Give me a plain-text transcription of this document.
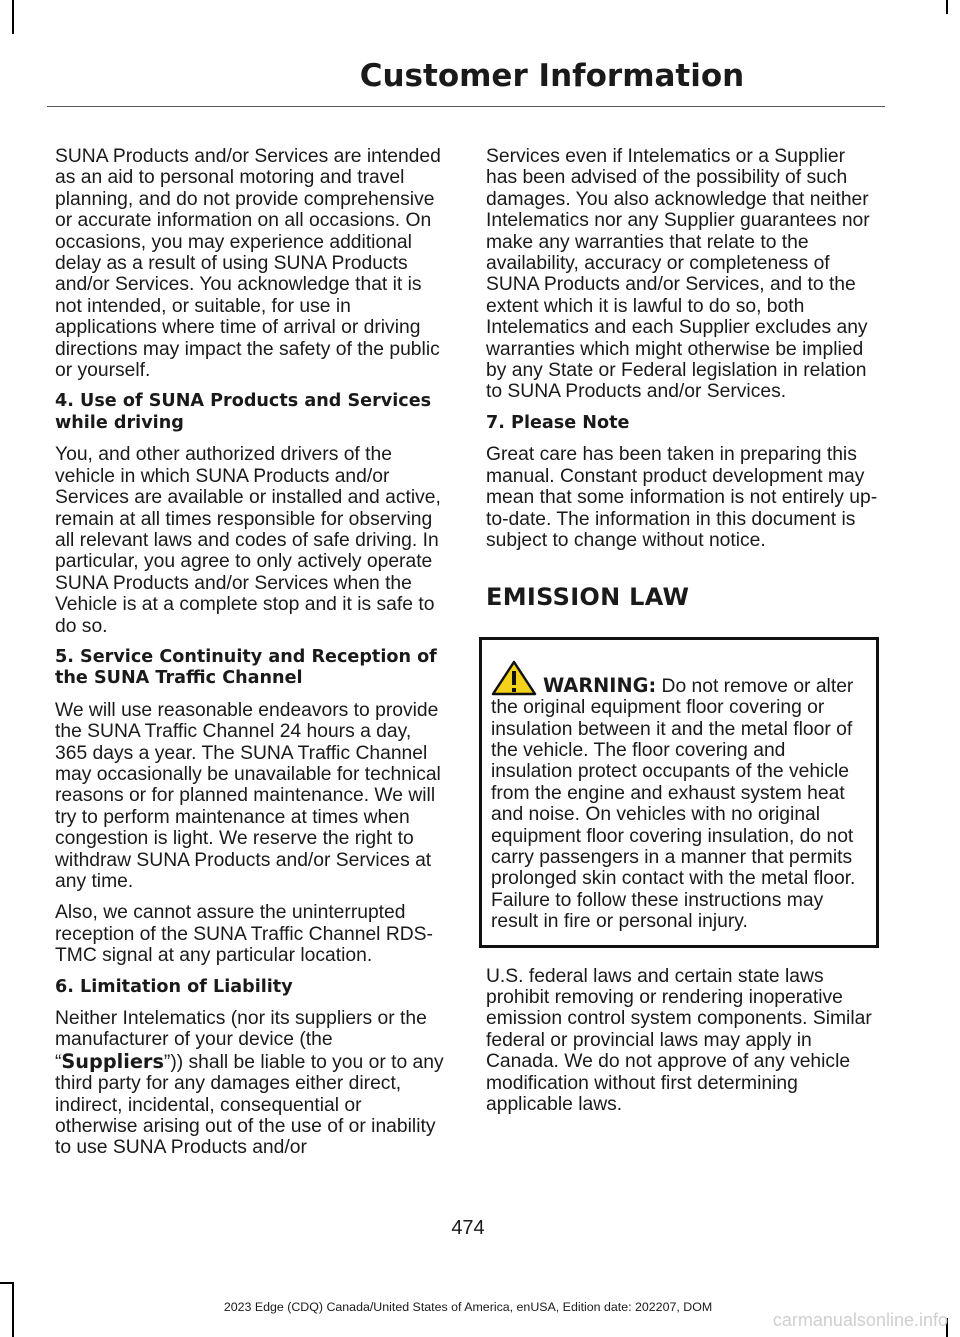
Customer Information

SUNA Products and/or Services are intended as an aid to personal motoring and travel planning, and do not provide comprehensive or accurate information on all occasions. On occasions, you may experience additional delay as a result of using SUNA Products and/or Services. You acknowledge that it is not intended, or suitable, for use in applications where time of arrival or driving directions may impact the safety of the public or yourself.

4. Use of SUNA Products and Services while driving

You, and other authorized drivers of the vehicle in which SUNA Products and/or Services are available or installed and active, remain at all times responsible for observing all relevant laws and codes of safe driving. In particular, you agree to only actively operate SUNA Products and/or Services when the Vehicle is at a complete stop and it is safe to do so.

5. Service Continuity and Reception of the SUNA Traffic Channel

We will use reasonable endeavors to provide the SUNA Traffic Channel 24 hours a day, 365 days a year. The SUNA Traffic Channel may occasionally be unavailable for technical reasons or for planned maintenance. We will try to perform maintenance at times when congestion is light. We reserve the right to withdraw SUNA Products and/or Services at any time.

Also, we cannot assure the uninterrupted reception of the SUNA Traffic Channel RDS-TMC signal at any particular location.

6. Limitation of Liability

Neither Intelematics (nor its suppliers or the manufacturer of your device (the “Suppliers”)) shall be liable to you or to any third party for any damages either direct, indirect, incidental, consequential or otherwise arising out of the use of or inability to use SUNA Products and/or

Services even if Intelematics or a Supplier has been advised of the possibility of such damages. You also acknowledge that neither Intelematics nor any Supplier guarantees nor make any warranties that relate to the availability, accuracy or completeness of SUNA Products and/or Services, and to the extent which it is lawful to do so, both Intelematics and each Supplier excludes any warranties which might otherwise be implied by any State or Federal legislation in relation to SUNA Products and/or Services.

7. Please Note

Great care has been taken in preparing this manual. Constant product development may mean that some information is not entirely up-to-date. The information in this document is subject to change without notice.

EMISSION LAW
WARNING: Do not remove or alter the original equipment floor covering or insulation between it and the metal floor of the vehicle. The floor covering and insulation protect occupants of the vehicle from the engine and exhaust system heat and noise. On vehicles with no original equipment floor covering insulation, do not carry passengers in a manner that permits prolonged skin contact with the metal floor. Failure to follow these instructions may result in fire or personal injury.

U.S. federal laws and certain state laws prohibit removing or rendering inoperative emission control system components. Similar federal or provincial laws may apply in Canada. We do not approve of any vehicle modification without first determining applicable laws.

474
2023 Edge (CDQ) Canada/United States of America, enUSA, Edition date: 202207, DOM
carmanualsonline.info
